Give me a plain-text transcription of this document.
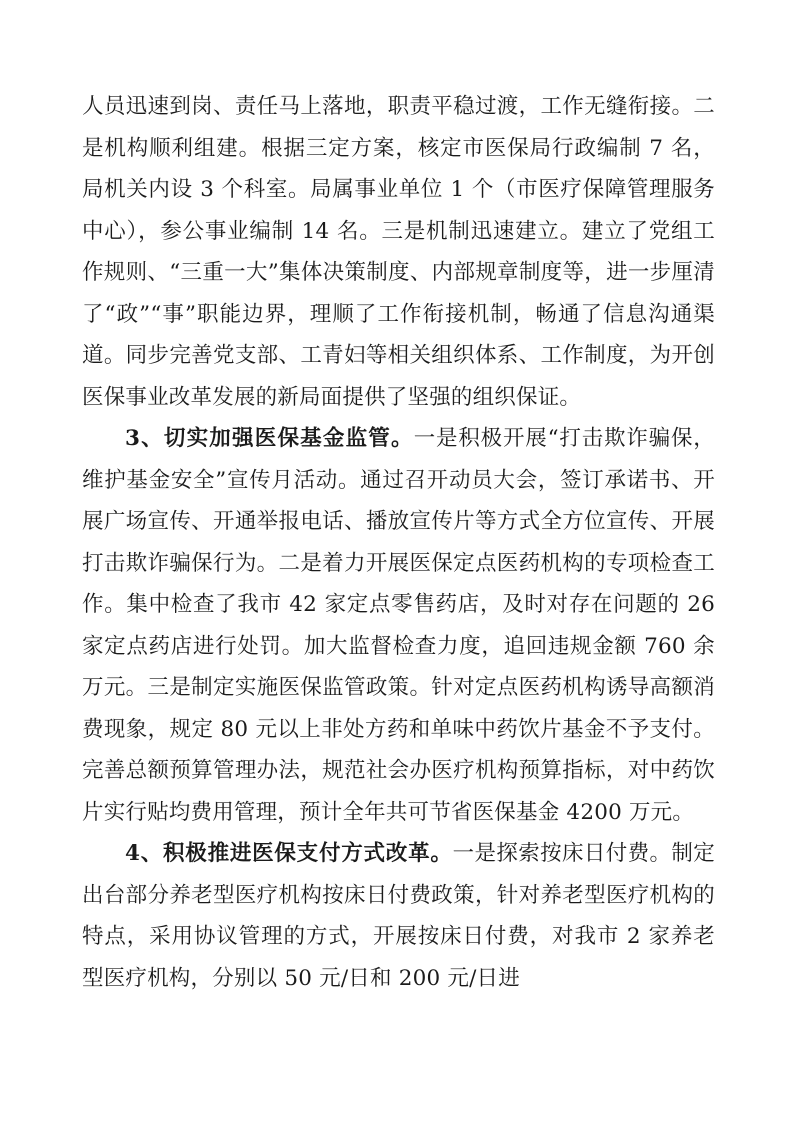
人员迅速到岗、责任马上落地，职责平稳过渡，工作无缝衔接。二是机构顺利组建。根据三定方案，核定市医保局行政编制 7 名，局机关内设 3 个科室。局属事业单位 1 个（市医疗保障管理服务中心），参公事业编制 14 名。三是机制迅速建立。建立了党组工作规则、“三重一大”集体决策制度、内部规章制度等，进一步厘清了“政”“事”职能边界，理顺了工作衔接机制，畅通了信息沟通渠道。同步完善党支部、工青妇等相关组织体系、工作制度，为开创医保事业改革发展的新局面提供了坚强的组织保证。

3、切实加强医保基金监管。一是积极开展“打击欺诈骗保，维护基金安全”宣传月活动。通过召开动员大会，签订承诺书、开展广场宣传、开通举报电话、播放宣传片等方式全方位宣传、开展打击欺诈骗保行为。二是着力开展医保定点医药机构的专项检查工作。集中检查了我市 42 家定点零售药店，及时对存在问题的 26 家定点药店进行处罚。加大监督检查力度，追回违规金额 760 余万元。三是制定实施医保监管政策。针对定点医药机构诱导高额消费现象，规定 80 元以上非处方药和单味中药饮片基金不予支付。完善总额预算管理办法，规范社会办医疗机构预算指标，对中药饮片实行贴均费用管理，预计全年共可节省医保基金 4200 万元。

4、积极推进医保支付方式改革。一是探索按床日付费。制定出台部分养老型医疗机构按床日付费政策，针对养老型医疗机构的特点，采用协议管理的方式，开展按床日付费，对我市 2 家养老型医疗机构，分别以 50 元/日和 200 元/日进
